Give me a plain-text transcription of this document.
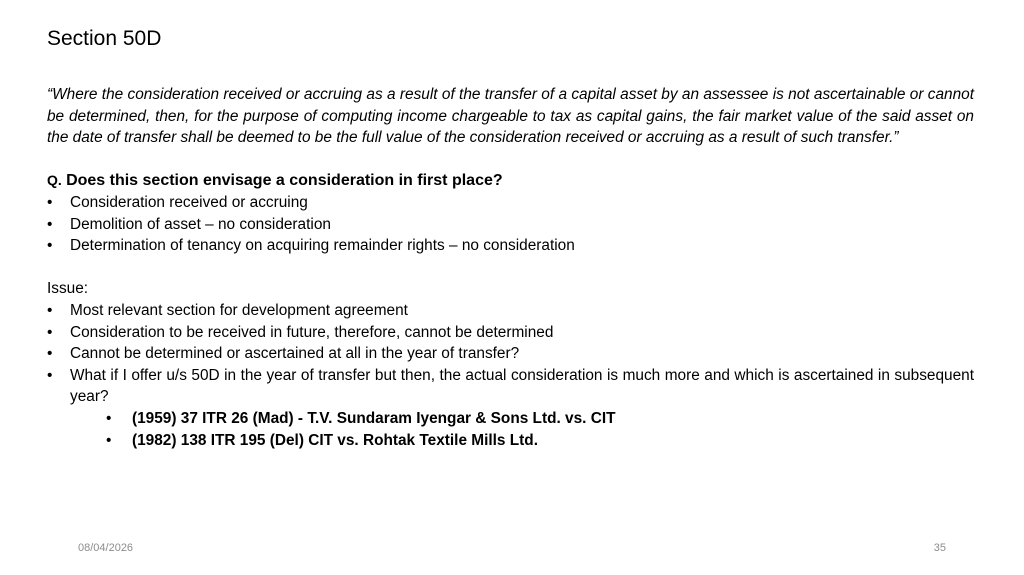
Section 50D
“Where the consideration received or accruing as a result of the transfer of a capital asset by an assessee is not ascertainable or cannot be determined, then, for the purpose of computing income chargeable to tax as capital gains, the fair market value of the said asset on the date of transfer shall be deemed to be the full value of the consideration received or accruing as a result of such transfer.”
Q. Does this section envisage a consideration in first place?
•	Consideration received or accruing
•	Demolition of asset – no consideration
•	Determination of tenancy on acquiring remainder rights – no consideration
Issue:
•	Most relevant section for development agreement
•	Consideration to be received in future, therefore, cannot be determined
•	Cannot be determined or ascertained at all in the year of transfer?
•	What if I offer u/s 50D in the year of transfer but then, the actual consideration is much more and which is ascertained in subsequent year?
• (1959) 37 ITR 26 (Mad) - T.V. Sundaram Iyengar & Sons Ltd. vs. CIT
• (1982) 138 ITR 195 (Del) CIT vs. Rohtak Textile Mills Ltd.
08/04/2026	35
